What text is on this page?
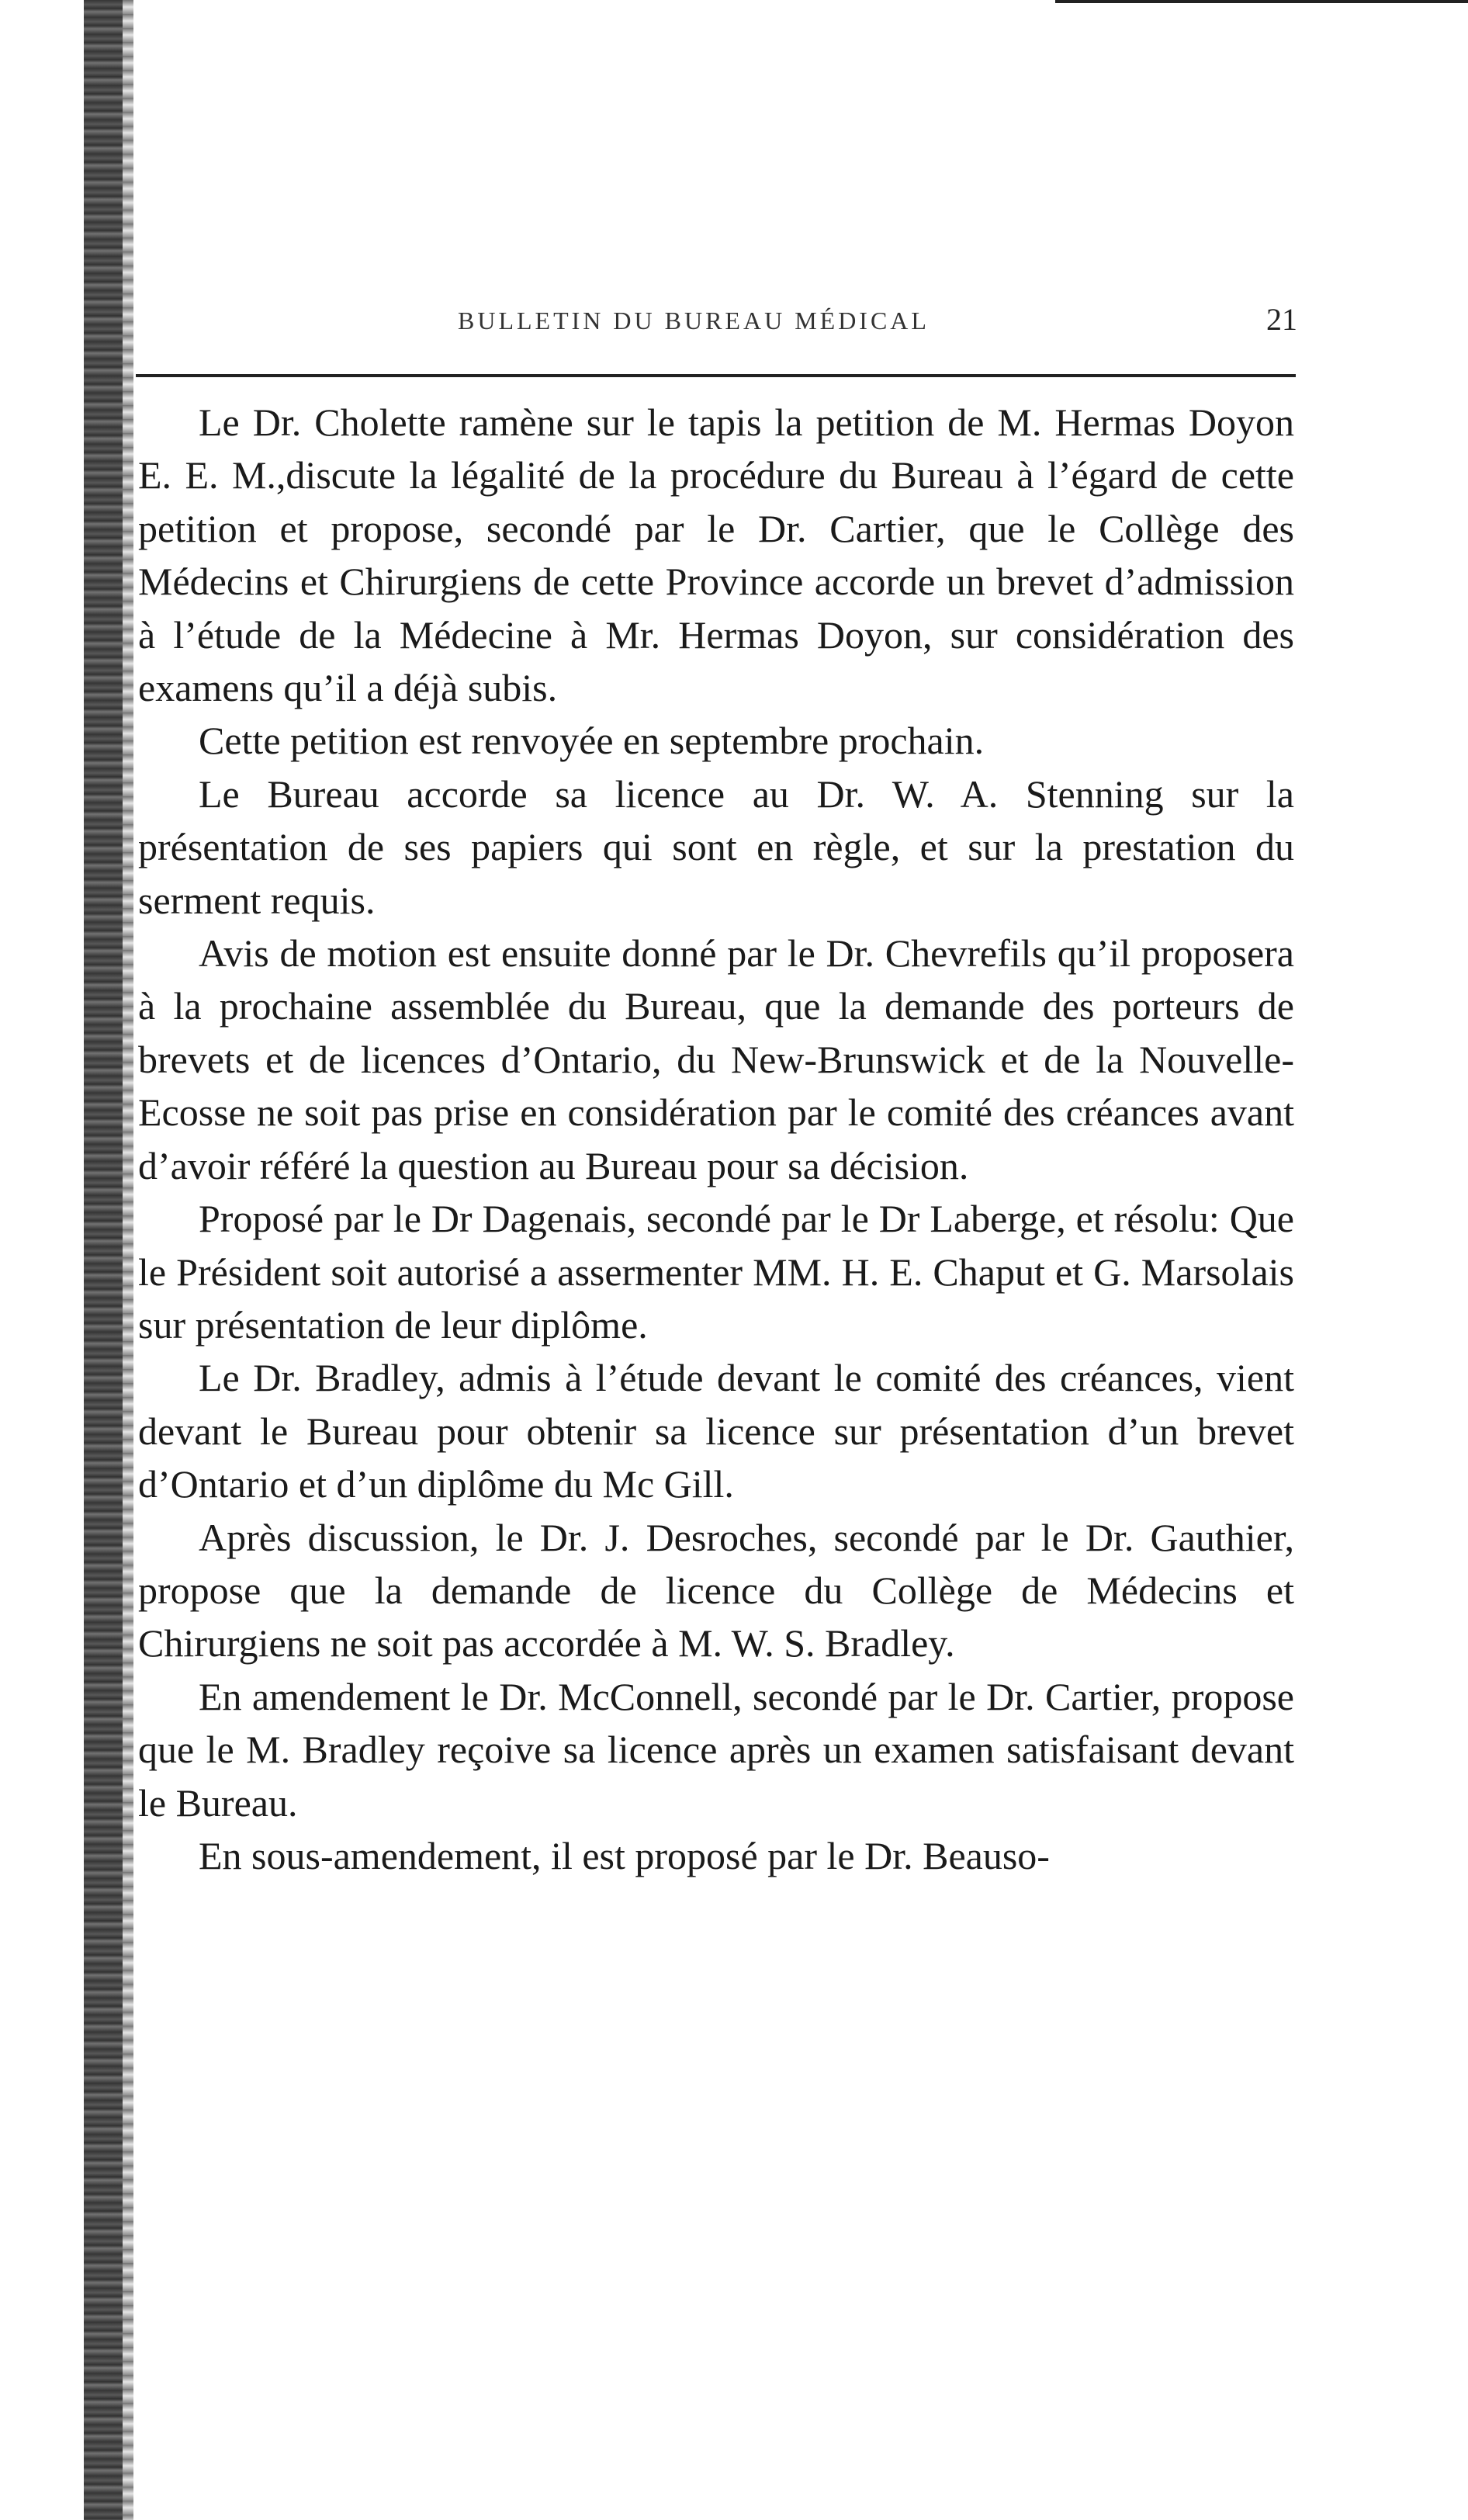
BULLETIN DU BUREAU MÉDICAL	21

Le Dr. Cholette ramène sur le tapis la petition de M. Hermas Doyon E. E. M.,discute la légalité de la procédure du Bureau à l’égard de cette petition et propose, secondé par le Dr. Cartier, que le Collège des Médecins et Chirurgiens de cette Province accorde un brevet d’admission à l’étude de la Médecine à Mr. Hermas Doyon, sur considération des examens qu’il a déjà subis.

Cette petition est renvoyée en septembre prochain.

Le Bureau accorde sa licence au Dr. W. A. Stenning sur la présentation de ses papiers qui sont en règle, et sur la prestation du serment requis.

Avis de motion est ensuite donné par le Dr. Chevrefils qu’il proposera à la prochaine assemblée du Bureau, que la demande des porteurs de brevets et de licences d’Ontario, du New-Brunswick et de la Nouvelle-Ecosse ne soit pas prise en considération par le comité des créances avant d’avoir référé la question au Bureau pour sa décision.

Proposé par le Dr Dagenais, secondé par le Dr Laberge, et résolu: Que le Président soit autorisé a assermenter MM. H. E. Chaput et G. Marsolais sur présentation de leur diplôme.

Le Dr. Bradley, admis à l’étude devant le comité des créances, vient devant le Bureau pour obtenir sa licence sur présentation d’un brevet d’Ontario et d’un diplôme du Mc Gill.

Après discussion, le Dr. J. Desroches, secondé par le Dr. Gauthier, propose que la demande de licence du Collège de Médecins et Chirurgiens ne soit pas accordée à M. W. S. Bradley.

En amendement le Dr. McConnell, secondé par le Dr. Cartier, propose que le M. Bradley reçoive sa licence après un examen satisfaisant devant le Bureau.

En sous-amendement, il est proposé par le Dr. Beauso-
